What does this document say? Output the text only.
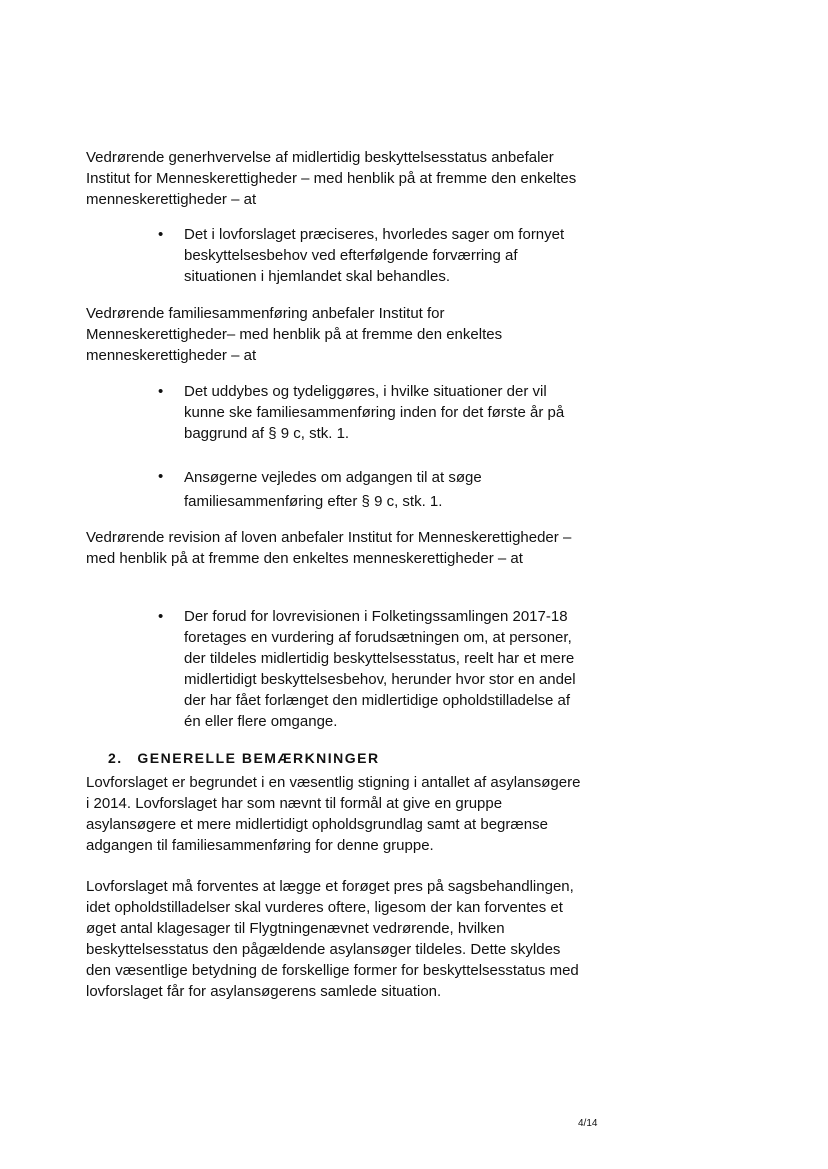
Vedrørende generhvervelse af midlertidig beskyttelsesstatus anbefaler Institut for Menneskerettigheder – med henblik på at fremme den enkeltes menneskerettigheder – at

•	Det i lovforslaget præciseres, hvorledes sager om fornyet beskyttelsesbehov ved efterfølgende forværring af situationen i hjemlandet skal behandles.

Vedrørende familiesammenføring anbefaler Institut for Menneskerettigheder– med henblik på at fremme den enkeltes menneskerettigheder – at

•	Det uddybes og tydeliggøres, i hvilke situationer der vil kunne ske familiesammenføring inden for det første år på baggrund af § 9 c, stk. 1.

•	Ansøgerne vejledes om adgangen til at søge familiesammenføring efter § 9 c, stk. 1.

Vedrørende revision af loven anbefaler Institut for Menneskerettigheder – med henblik på at fremme den enkeltes menneskerettigheder – at

•	Der forud for lovrevisionen i Folketingssamlingen 2017-18 foretages en vurdering af forudsætningen om, at personer, der tildeles midlertidig beskyttelsesstatus, reelt har et mere midlertidigt beskyttelsesbehov, herunder hvor stor en andel der har fået forlænget den midlertidige opholdstilladelse af én eller flere omgange.

2. GENERELLE BEMÆRKNINGER

Lovforslaget er begrundet i en væsentlig stigning i antallet af asylansøgere i 2014. Lovforslaget har som nævnt til formål at give en gruppe asylansøgere et mere midlertidigt opholdsgrundlag samt at begrænse adgangen til familiesammenføring for denne gruppe.

Lovforslaget må forventes at lægge et forøget pres på sagsbehandlingen, idet opholdstilladelser skal vurderes oftere, ligesom der kan forventes et øget antal klagesager til Flygtningenævnet vedrørende, hvilken beskyttelsesstatus den pågældende asylansøger tildeles. Dette skyldes den væsentlige betydning de forskellige former for beskyttelsesstatus med lovforslaget får for asylansøgerens samlede situation.

4/14
